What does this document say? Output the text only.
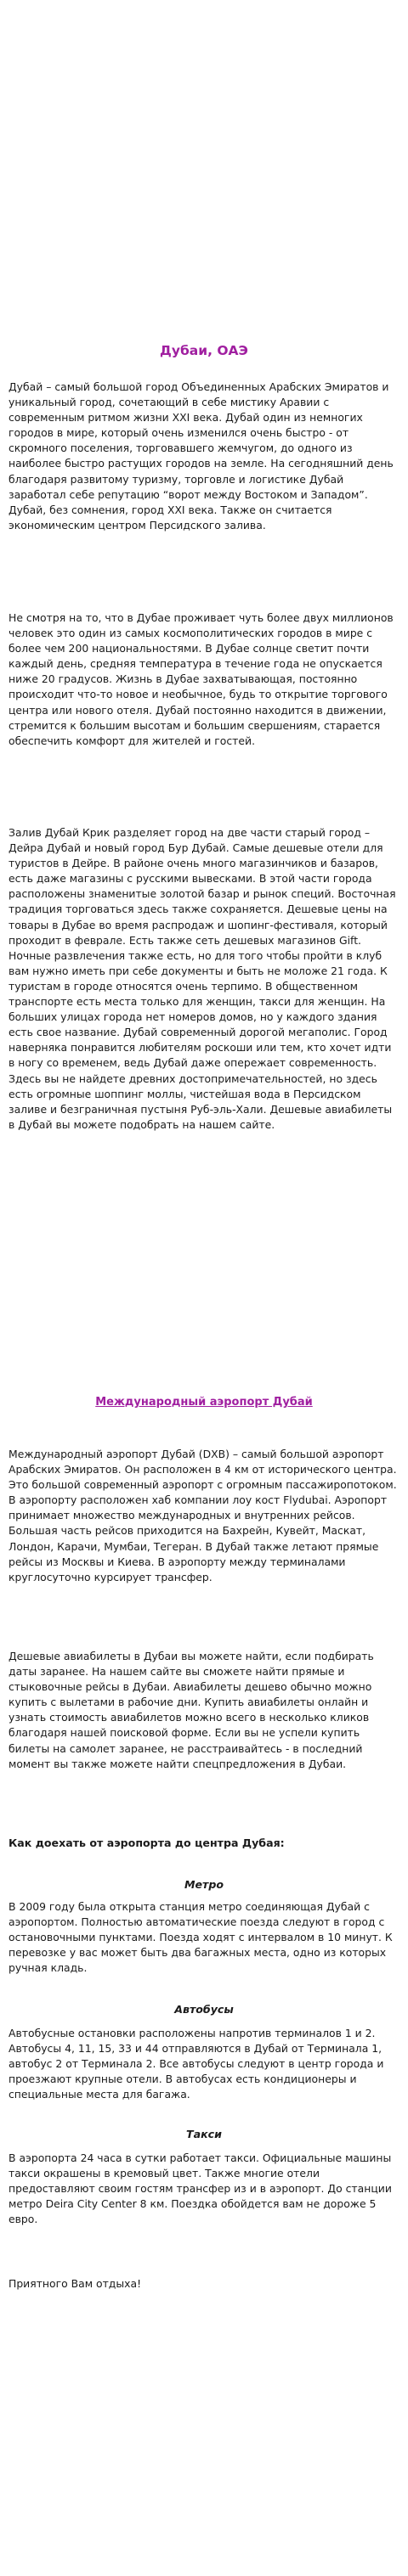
Дубаи, ОАЭ

Дубай – самый большой город Объединенных Арабских Эмиратов и уникальный город, сочетающий в себе мистику Аравии с современным ритмом жизни XXI века. Дубай один из немногих городов в мире, который очень изменился очень быстро - от скромного поселения, торговавшего жемчугом, до одного из наиболее быстро растущих городов на земле. На сегодняшний день благодаря развитому туризму, торговле и логистике Дубай заработал себе репутацию “ворот между Востоком и Западом”. Дубай, без сомнения, город XXI века. Также он считается экономическим центром Персидского залива.

Не смотря на то, что в Дубае проживает чуть более двух миллионов человек это один из самых космополитических городов в мире с более чем 200 национальностями. В Дубае солнце светит почти каждый день, средняя температура в течение года не опускается ниже 20 градусов. Жизнь в Дубае захватывающая, постоянно происходит что-то новое и необычное, будь то открытие торгового центра или нового отеля. Дубай постоянно находится в движении, стремится к большим высотам и большим свершениям, старается обеспечить комфорт для жителей и гостей.

Залив Дубай Крик разделяет город на две части старый город – Дейра Дубай и новый город Бур Дубай. Самые дешевые отели для туристов в Дейре. В районе очень много магазинчиков и базаров, есть даже магазины с русскими вывесками. В этой части города расположены знаменитые золотой базар и рынок специй. Восточная традиция торговаться здесь также сохраняется. Дешевые цены на товары в Дубае во время распродаж и шопинг-фестиваля, который проходит в феврале. Есть также сеть дешевых магазинов Gift. Ночные развлечения также есть, но для того чтобы пройти в клуб вам нужно иметь при себе документы и быть не моложе 21 года. К туристам в городе относятся очень терпимо. В общественном транспорте есть места только для женщин, такси для женщин. На больших улицах города нет номеров домов, но у каждого здания есть свое название. Дубай современный дорогой мегаполис. Город наверняка понравится любителям роскоши или тем, кто хочет идти в ногу со временем, ведь Дубай даже опережает современность. Здесь вы не найдете древних достопримечательностей, но здесь есть огромные шоппинг моллы, чистейшая вода в Персидском заливе и безграничная пустыня Руб-эль-Хали. Дешевые авиабилеты в Дубай вы можете подобрать на нашем сайте.

Международный аэропорт Дубай

Международный аэропорт Дубай (DXB) – самый большой аэропорт Арабских Эмиратов. Он расположен в 4 км от исторического центра. Это большой современный аэропорт с огромным пассажиропотоком. В аэропорту расположен хаб компании лоу кост Flydubai. Аэропорт принимает множество международных и внутренних рейсов. Большая часть рейсов приходится на Бахрейн, Кувейт, Маскат, Лондон, Карачи, Мумбаи, Тегеран. В Дубай также летают прямые рейсы из Москвы и Киева. В аэропорту между терминалами круглосуточно курсирует трансфер.

Дешевые авиабилеты в Дубаи вы можете найти, если подбирать даты заранее. На нашем сайте вы сможете найти прямые и стыковочные рейсы в Дубаи. Авиабилеты дешево обычно можно купить с вылетами в рабочие дни. Купить авиабилеты онлайн и узнать стоимость авиабилетов можно всего в несколько кликов благодаря нашей поисковой форме. Если вы не успели купить билеты на самолет заранее, не расстраивайтесь - в последний момент вы также можете найти спецпредложения в Дубаи.

Как доехать от аэропорта до центра Дубая:
Метро

В 2009 году была открыта станция метро соединяющая Дубай с аэропортом. Полностью автоматические поезда следуют в город с остановочными пунктами. Поезда ходят с интервалом в 10 минут. К перевозке у вас может быть два багажных места, одно из которых ручная кладь.

Автобусы

Автобусные остановки расположены напротив терминалов 1 и 2. Автобусы 4, 11, 15, 33 и 44 отправляются в Дубай от Терминала 1, автобус 2 от Терминала 2. Все автобусы следуют в центр города и проезжают крупные отели. В автобусах есть кондиционеры и специальные места для багажа.

Такси

В аэропорта 24 часа в сутки работает такси. Официальные машины такси окрашены в кремовый цвет. Также многие отели предоставляют своим гостям трансфер из и в аэропорт. До станции метро Deira City Center 8 км. Поездка обойдется вам не дороже 5 евро.

Приятного Вам отдыха!
